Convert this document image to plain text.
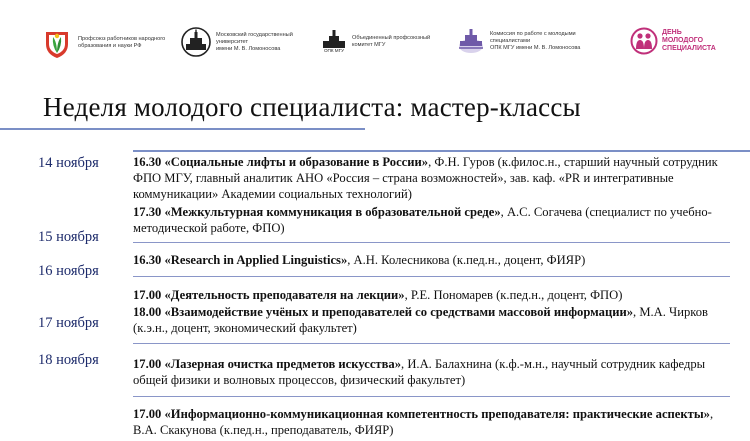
Профсоюз работников народного
образования и науки РФ
Московский государственный
университет
имени М. В. Ломоносова	ОПК МГУ
Объединенный профсоюзный
комитет МГУ
Комиссия по работе с молодыми
специалистами
ОПК МГУ имени М. В. Ломоносова
ДЕНЬ
МОЛОДОГО
СПЕЦИАЛИСТА
Неделя молодого специалиста: мастер-классы
14 ноября
15 ноября
16 ноября
17 ноября
18 ноября
16.30 «Социальные лифты и образование в России», Ф.Н. Гуров (к.филос.н., старший научный сотрудник ФПО МГУ, главный аналитик АНО «Россия – страна возможностей», зав. каф. «PR и интегративные коммуникации» Академии социальных технологий)
17.30 «Межкультурная коммуникация в образовательной среде», А.С. Согачева (специалист по учебно-методической работе, ФПО)
16.30 «Research in Applied Linguistics», А.Н. Колесникова (к.пед.н., доцент, ФИЯР)
17.00 «Деятельность преподавателя на лекции», Р.Е. Пономарев (к.пед.н., доцент, ФПО)
18.00 «Взаимодействие учёных и преподавателей со средствами массовой информации», М.А. Чирков (к.э.н., доцент, экономический факультет)
17.00 «Лазерная очистка предметов искусства», И.А. Балахнина (к.ф.-м.н., научный сотрудник кафедры общей физики и волновых процессов, физический факультет)
17.00 «Информационно-коммуникационная компетентность преподавателя: практические аспекты», В.А. Скакунова (к.пед.н., преподаватель, ФИЯР)
